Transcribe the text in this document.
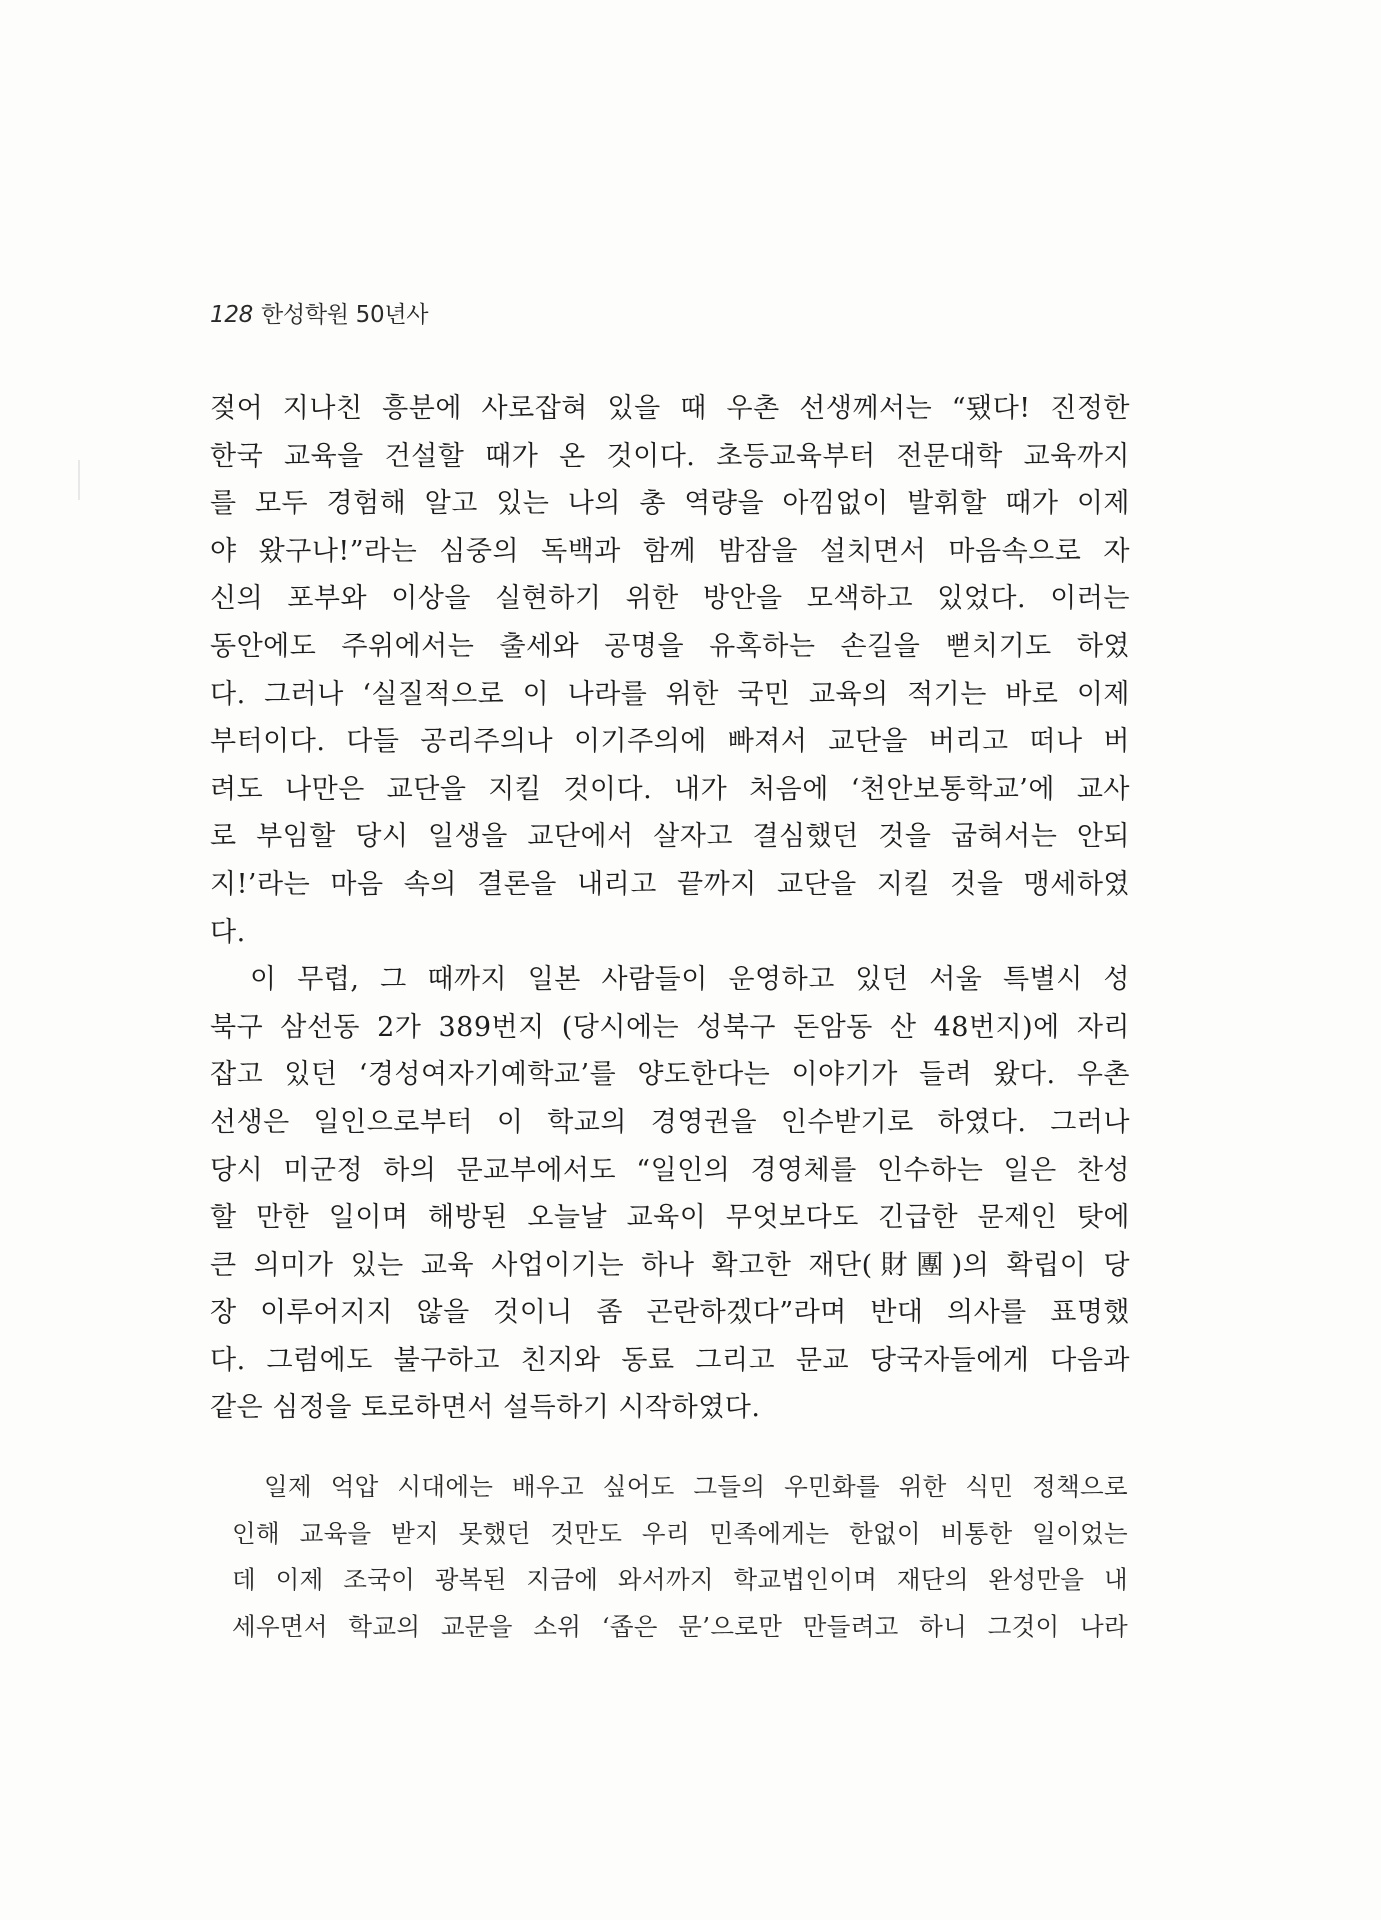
128 한성학원 50년사
젖어 지나친 흥분에 사로잡혀 있을 때 우촌 선생께서는 “됐다! 진정한
한국 교육을 건설할 때가 온 것이다. 초등교육부터 전문대학 교육까지
를 모두 경험해 알고 있는 나의 총 역량을 아낌없이 발휘할 때가 이제
야 왔구나!”라는 심중의 독백과 함께 밤잠을 설치면서 마음속으로 자
신의 포부와 이상을 실현하기 위한 방안을 모색하고 있었다. 이러는
동안에도 주위에서는 출세와 공명을 유혹하는 손길을 뻗치기도 하였
다. 그러나 ‘실질적으로 이 나라를 위한 국민 교육의 적기는 바로 이제
부터이다. 다들 공리주의나 이기주의에 빠져서 교단을 버리고 떠나 버
려도 나만은 교단을 지킬 것이다. 내가 처음에 ‘천안보통학교’에 교사
로 부임할 당시 일생을 교단에서 살자고 결심했던 것을 굽혀서는 안되
지!’라는 마음 속의 결론을 내리고 끝까지 교단을 지킬 것을 맹세하였
다.
이 무렵, 그 때까지 일본 사람들이 운영하고 있던 서울 특별시 성
북구 삼선동 2가 389번지 (당시에는 성북구 돈암동 산 48번지)에 자리
잡고 있던 ‘경성여자기예학교’를 양도한다는 이야기가 들려 왔다. 우촌
선생은 일인으로부터 이 학교의 경영권을 인수받기로 하였다. 그러나
당시 미군정 하의 문교부에서도 “일인의 경영체를 인수하는 일은 찬성
할 만한 일이며 해방된 오늘날 교육이 무엇보다도 긴급한 문제인 탓에
큰 의미가 있는 교육 사업이기는 하나 확고한 재단(財團)의 확립이 당
장 이루어지지 않을 것이니 좀 곤란하겠다”라며 반대 의사를 표명했
다. 그럼에도 불구하고 친지와 동료 그리고 문교 당국자들에게 다음과
같은 심정을 토로하면서 설득하기 시작하였다.
일제 억압 시대에는 배우고 싶어도 그들의 우민화를 위한 식민 정책으로
인해 교육을 받지 못했던 것만도 우리 민족에게는 한없이 비통한 일이었는
데 이제 조국이 광복된 지금에 와서까지 학교법인이며 재단의 완성만을 내
세우면서 학교의 교문을 소위 ‘좁은 문’으로만 만들려고 하니 그것이 나라
